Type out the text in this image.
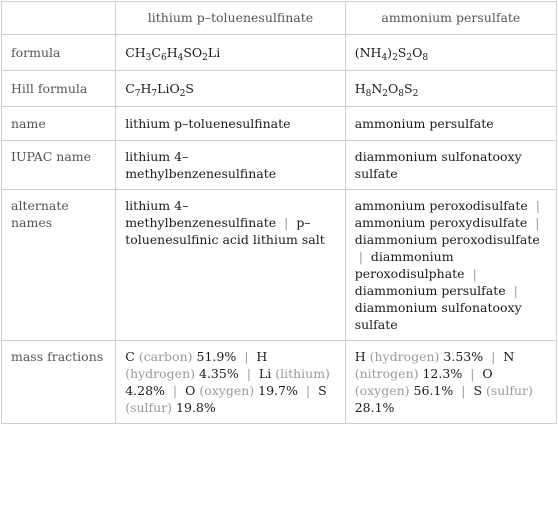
	lithium p–toluenesulfinate	ammonium persulfate
formula	$CH_3C_6H_4SO_2Li$	$(NH_4)_2S_2O_8$
Hill formula	$C_7H_7LiO_2S$	$H_8N_2O_8S_2$
name	lithium p–toluenesulfinate	ammonium persulfate
IUPAC name	lithium 4–methylbenzenesulfinate	diammonium sulfonatooxy sulfate
alternate names	lithium 4–methylbenzenesulfinate | p–toluenesulfinic acid lithium salt	ammonium peroxodisulfate | ammonium peroxydisulfate | diammonium peroxodisulfate | diammonium peroxodisulphate | diammonium persulfate | diammonium sulfonatooxy sulfate
mass fractions	C (carbon) 51.9% | H (hydrogen) 4.35% | Li (lithium) 4.28% | O (oxygen) 19.7% | S (sulfur) 19.8%	H (hydrogen) 3.53% | N (nitrogen) 12.3% | O (oxygen) 56.1% | S (sulfur) 28.1%
